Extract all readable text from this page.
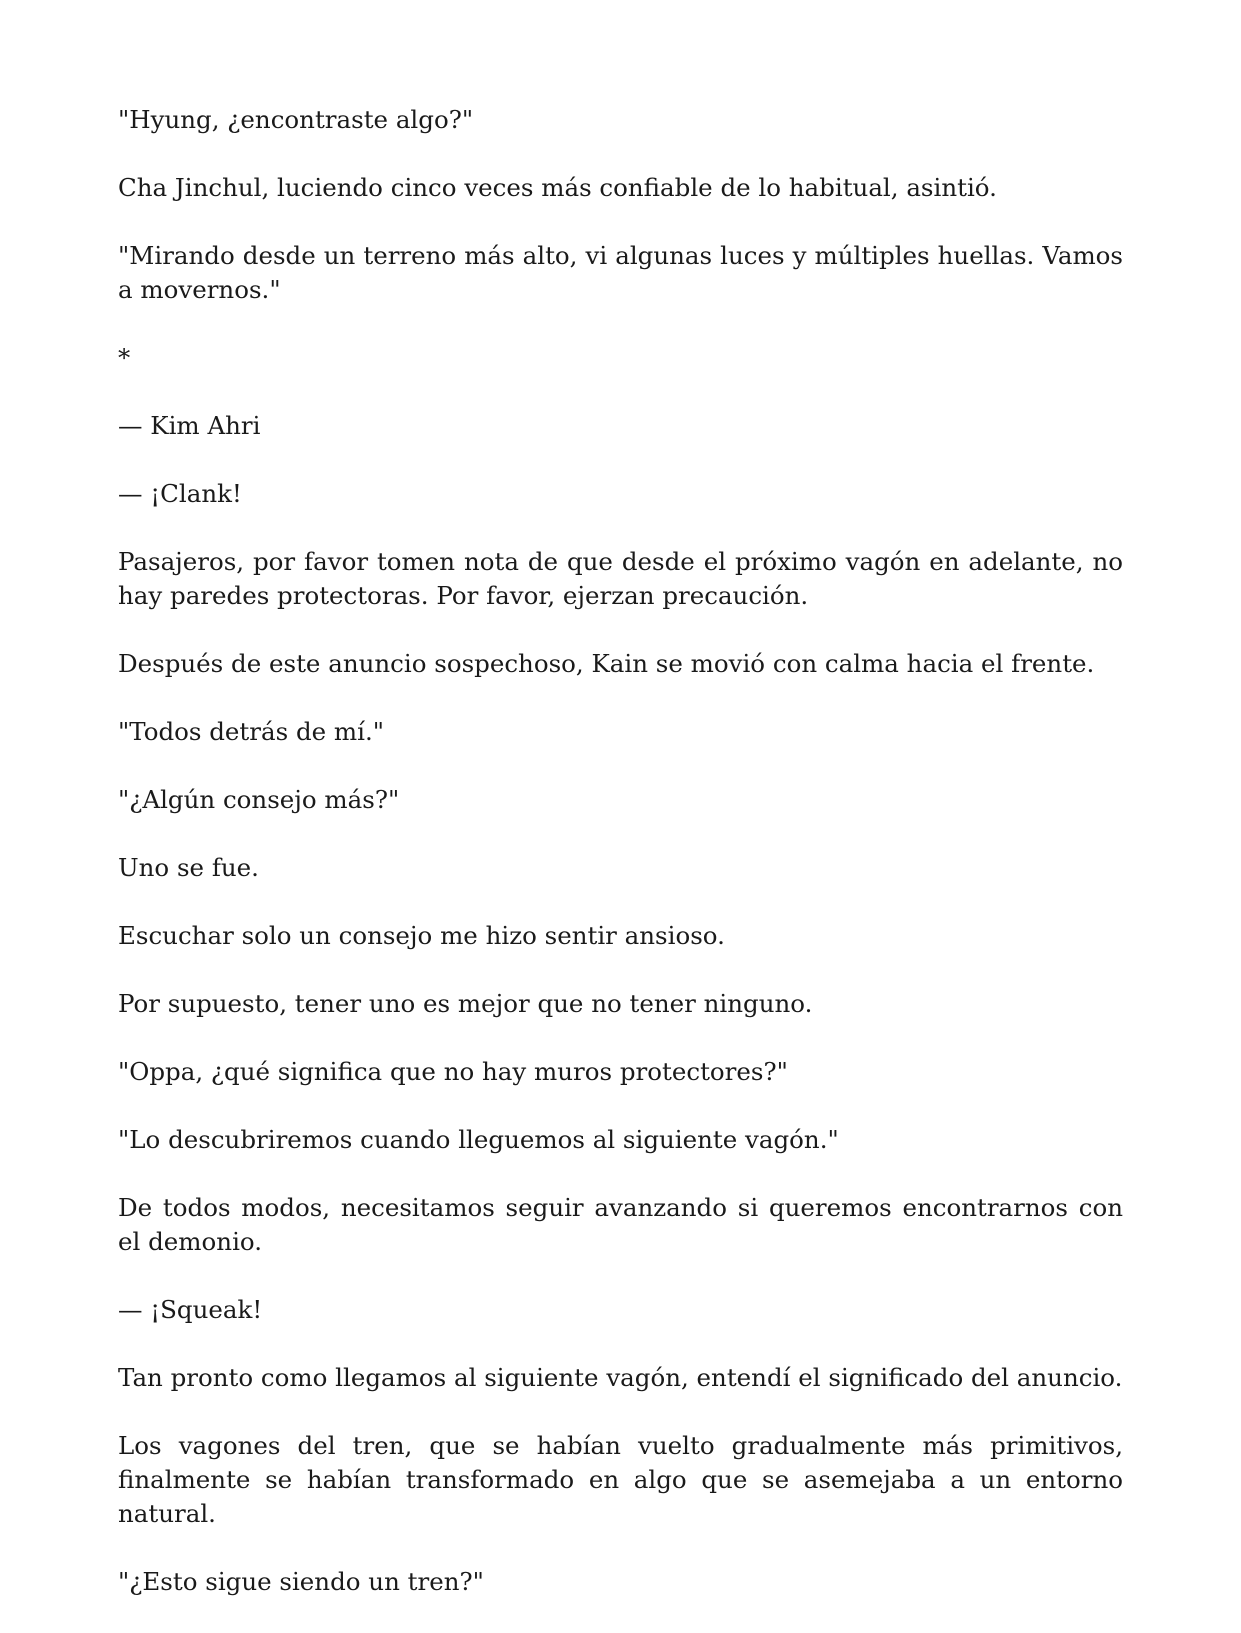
"Hyung, ¿encontraste algo?"

Cha Jinchul, luciendo cinco veces más confiable de lo habitual, asintió.

"Mirando desde un terreno más alto, vi algunas luces y múltiples huellas. Vamos a movernos."

*

— Kim Ahri

— ¡Clank!

Pasajeros, por favor tomen nota de que desde el próximo vagón en adelante, no hay paredes protectoras. Por favor, ejerzan precaución.

Después de este anuncio sospechoso, Kain se movió con calma hacia el frente.

"Todos detrás de mí."

"¿Algún consejo más?"

Uno se fue.

Escuchar solo un consejo me hizo sentir ansioso.

Por supuesto, tener uno es mejor que no tener ninguno.

"Oppa, ¿qué significa que no hay muros protectores?"

"Lo descubriremos cuando lleguemos al siguiente vagón."

De todos modos, necesitamos seguir avanzando si queremos encontrarnos con el demonio.

— ¡Squeak!

Tan pronto como llegamos al siguiente vagón, entendí el significado del anuncio.

Los vagones del tren, que se habían vuelto gradualmente más primitivos, finalmente se habían transformado en algo que se asemejaba a un entorno natural.

"¿Esto sigue siendo un tren?"
